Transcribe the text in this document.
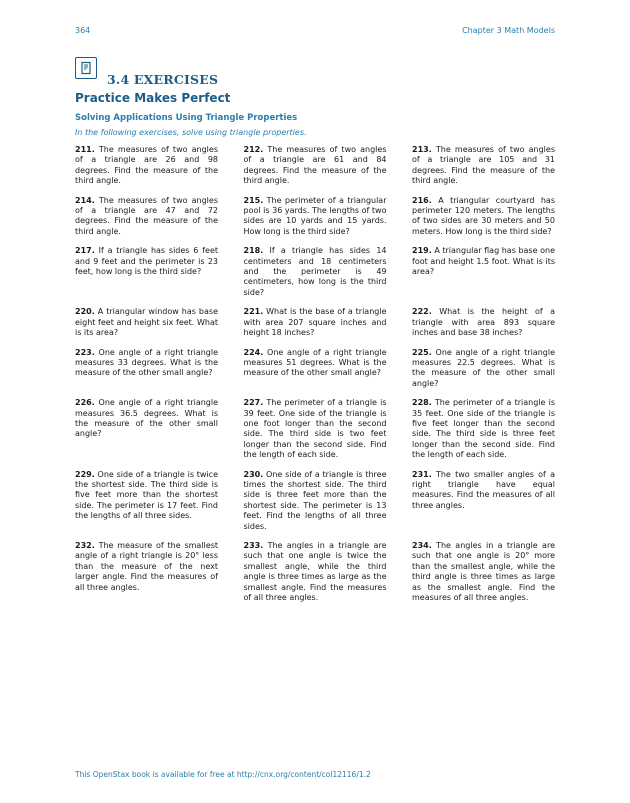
364	Chapter 3 Math Models
3.4 EXERCISES
Practice Makes Perfect
Solving Applications Using Triangle Properties
In the following exercises, solve using triangle properties.
211. The measures of two angles of a triangle are 26 and 98 degrees. Find the measure of the third angle.
212. The measures of two angles of a triangle are 61 and 84 degrees. Find the measure of the third angle.
213. The measures of two angles of a triangle are 105 and 31 degrees. Find the measure of the third angle.
214. The measures of two angles of a triangle are 47 and 72 degrees. Find the measure of the third angle.
215. The perimeter of a triangular pool is 36 yards. The lengths of two sides are 10 yards and 15 yards. How long is the third side?
216. A triangular courtyard has perimeter 120 meters. The lengths of two sides are 30 meters and 50 meters. How long is the third side?
217. If a triangle has sides 6 feet and 9 feet and the perimeter is 23 feet, how long is the third side?
218. If a triangle has sides 14 centimeters and 18 centimeters and the perimeter is 49 centimeters, how long is the third side?
219. A triangular flag has base one foot and height 1.5 foot. What is its area?
220. A triangular window has base eight feet and height six feet. What is its area?
221. What is the base of a triangle with area 207 square inches and height 18 inches?
222. What is the height of a triangle with area 893 square inches and base 38 inches?
223. One angle of a right triangle measures 33 degrees. What is the measure of the other small angle?
224. One angle of a right triangle measures 51 degrees. What is the measure of the other small angle?
225. One angle of a right triangle measures 22.5 degrees. What is the measure of the other small angle?
226. One angle of a right triangle measures 36.5 degrees. What is the measure of the other small angle?
227. The perimeter of a triangle is 39 feet. One side of the triangle is one foot longer than the second side. The third side is two feet longer than the second side. Find the length of each side.
228. The perimeter of a triangle is 35 feet. One side of the triangle is five feet longer than the second side. The third side is three feet longer than the second side. Find the length of each side.
229. One side of a triangle is twice the shortest side. The third side is five feet more than the shortest side. The perimeter is 17 feet. Find the lengths of all three sides.
230. One side of a triangle is three times the shortest side. The third side is three feet more than the shortest side. The perimeter is 13 feet. Find the lengths of all three sides.
231. The two smaller angles of a right triangle have equal measures. Find the measures of all three angles.
232. The measure of the smallest angle of a right triangle is 20° less than the measure of the next larger angle. Find the measures of all three angles.
233. The angles in a triangle are such that one angle is twice the smallest angle, while the third angle is three times as large as the smallest angle. Find the measures of all three angles.
234. The angles in a triangle are such that one angle is 20° more than the smallest angle, while the third angle is three times as large as the smallest angle. Find the measures of all three angles.
This OpenStax book is available for free at http://cnx.org/content/col12116/1.2
